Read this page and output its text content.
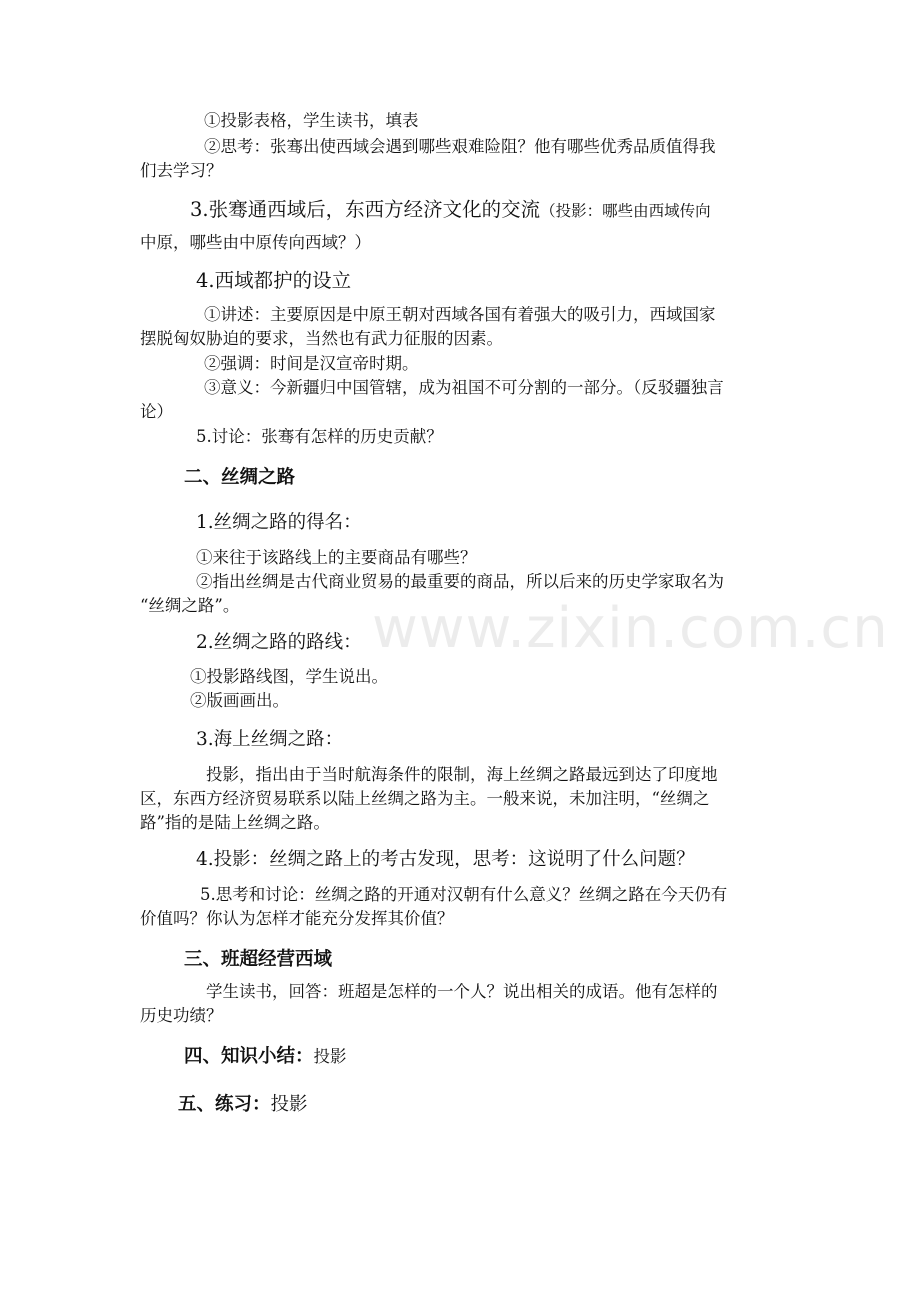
www.zixin.com.cn
①投影表格，学生读书，填表
②思考：张骞出使西域会遇到哪些艰难险阻？他有哪些优秀品质值得我
们去学习？
3.张骞通西域后，东西方经济文化的交流（投影：哪些由西域传向
中原，哪些由中原传向西域？）
4.西域都护的设立
①讲述：主要原因是中原王朝对西域各国有着强大的吸引力，西域国家
摆脱匈奴胁迫的要求，当然也有武力征服的因素。
②强调：时间是汉宣帝时期。
③意义：今新疆归中国管辖，成为祖国不可分割的一部分。（反驳疆独言
论）
5.讨论：张骞有怎样的历史贡献？
二、丝绸之路
1.丝绸之路的得名：
①来往于该路线上的主要商品有哪些？
②指出丝绸是古代商业贸易的最重要的商品，所以后来的历史学家取名为
“丝绸之路”。
2.丝绸之路的路线：
①投影路线图，学生说出。
②版画画出。
3.海上丝绸之路：
投影，指出由于当时航海条件的限制，海上丝绸之路最远到达了印度地
区，东西方经济贸易联系以陆上丝绸之路为主。一般来说，未加注明，“丝绸之
路”指的是陆上丝绸之路。
4.投影：丝绸之路上的考古发现，思考：这说明了什么问题？
5.思考和讨论：丝绸之路的开通对汉朝有什么意义？丝绸之路在今天仍有
价值吗？你认为怎样才能充分发挥其价值？
三、班超经营西域
学生读书，回答：班超是怎样的一个人？说出相关的成语。他有怎样的
历史功绩？
四、知识小结：投影
五、练习：投影
